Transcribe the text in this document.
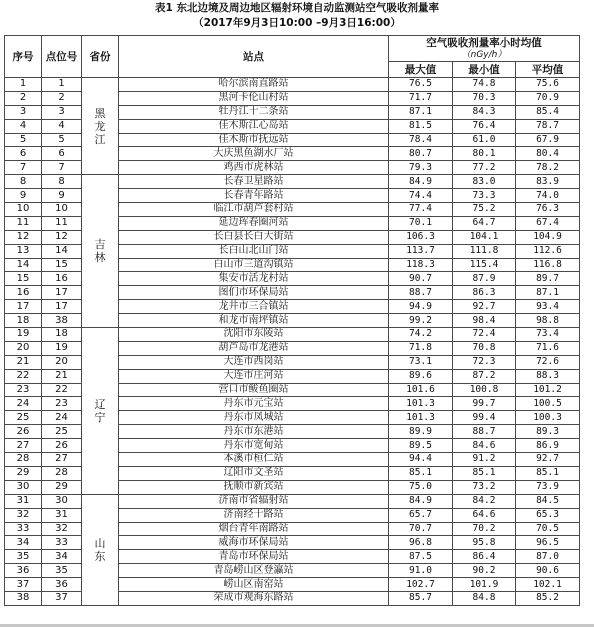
表1 东北边境及周边地区辐射环境自动监测站空气吸收剂量率
（2017年9月3日10:00 –9月3日16:00）
序号	点位号	省份	站点	空气吸收剂量率小时均值
（nGy/h）		

				最大值	最小值	平均值
1	1	黑龙江	哈尔滨南直路站	76.5	74.8	75.6
2	2		黑河卡伦山村站	71.7	70.3	70.9
3	3		牡丹江十二条站	87.1	84.3	85.4
4	4		佳木斯江心岛站	81.5	76.4	78.7
5	5		佳木斯市抚远站	78.4	61.0	67.9
6	6		大庆黑鱼湖水厂站	80.7	80.1	80.4
7	7		鸡西市虎林站	79.3	77.2	78.2
8	8	吉林	长春卫星路站	84.9	83.0	83.9
9	9		长春青年路站	74.4	73.3	74.0
10	10		临江市葫芦套村站	77.4	75.2	76.3
11	11		延边珲春圈河站	70.1	64.7	67.4
12	12		长白县长白大街站	106.3	104.1	104.9
13	14		长白山北山门站	113.7	111.8	112.6
14	15		白山市三道沟镇站	118.3	115.4	116.8
15	16		集安市活龙村站	90.7	87.9	89.7
16	17		图们市环保局站	88.7	86.3	87.1
17	17		龙井市三合镇站	94.9	92.7	93.4
18	38		和龙市南坪镇站	99.2	98.4	98.8
19	18	辽宁	沈阳市东陵站	74.2	72.4	73.4
20	19		葫芦岛市龙港站	71.8	70.8	71.6
21	20		大连市西岗站	73.1	72.3	72.6
22	21		大连市庄河站	89.6	87.2	88.3
23	22		营口市鲅鱼圈站	101.6	100.8	101.2
24	23		丹东市元宝站	101.3	99.7	100.5
25	24		丹东市凤城站	101.3	99.4	100.3
26	25		丹东市东港站	89.9	88.7	89.3
27	26		丹东市宽甸站	89.5	84.6	86.9
28	27		本溪市桓仁站	94.4	91.2	92.7
29	28		辽阳市文圣站	85.1	85.1	85.1
30	29		抚顺市新宾站	75.0	73.2	73.9
31	30	山东	济南市省辐射站	84.9	84.2	84.5
32	31		济南经十路站	65.7	64.6	65.3
33	32		烟台青年南路站	70.7	70.2	70.5
34	33		威海市环保局站	96.8	95.8	96.5
35	34		青岛市环保局站	87.5	86.4	87.0
36	35		青岛崂山区登瀛站	91.0	90.2	90.6
37	36		崂山区南窑站	102.7	101.9	102.1
38	37		荣成市观海东路站	85.7	84.8	85.2
